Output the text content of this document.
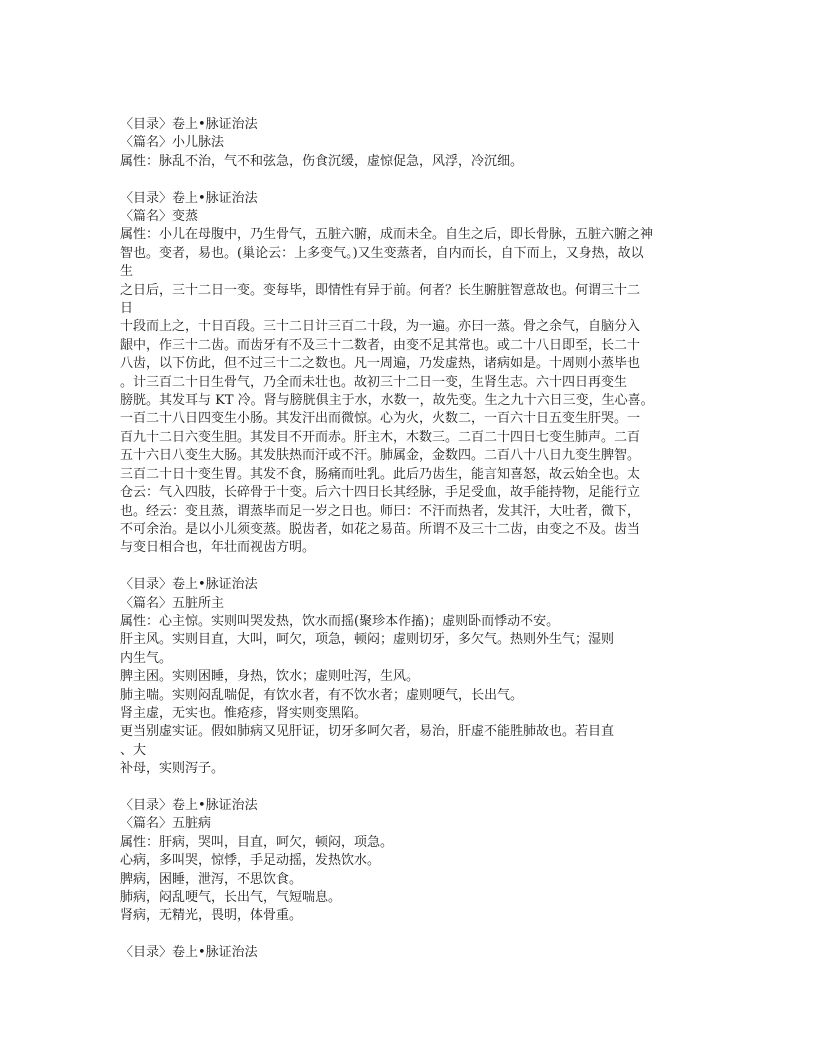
〈目录〉卷上•脉证治法
〈篇名〉小儿脉法
属性：脉乱不治，气不和弦急，伤食沉缓，虚惊促急，风浮，冷沉细。
〈目录〉卷上•脉证治法
〈篇名〉变蒸
属性：小儿在母腹中，乃生骨气，五脏六腑，成而未全。自生之后，即长骨脉，五脏六腑之神
智也。变者，易也。(巢论云：上多变气。)又生变蒸者，自内而长，自下而上，又身热，故以
生
之日后，三十二日一变。变每毕，即情性有异于前。何者？长生腑脏智意故也。何谓三十二
日
十段而上之，十日百段。三十二日计三百二十段，为一遍。亦曰一蒸。骨之余气，自脑分入
龈中，作三十二齿。而齿牙有不及三十二数者，由变不足其常也。或二十八日即至，长二十
八齿，以下仿此，但不过三十二之数也。凡一周遍，乃发虚热，诸病如是。十周则小蒸毕也
。计三百二十日生骨气，乃全而未壮也。故初三十二日一变，生肾生志。六十四日再变生
膀胱。其发耳与 KT 冷。肾与膀胱俱主于水，水数一，故先变。生之九十六日三变，生心喜。
一百二十八日四变生小肠。其发汗出而微惊。心为火，火数二，一百六十日五变生肝哭。一
百九十二日六变生胆。其发目不开而赤。肝主木，木数三。二百二十四日七变生肺声。二百
五十六日八变生大肠。其发肤热而汗或不汗。肺属金，金数四。二百八十八日九变生脾智。
三百二十日十变生胃。其发不食，肠痛而吐乳。此后乃齿生，能言知喜怒，故云始全也。太
仓云：气入四肢，长碎骨于十变。后六十四日长其经脉，手足受血，故手能持物，足能行立
也。经云：变且蒸，谓蒸毕而足一岁之日也。师曰：不汗而热者，发其汗，大吐者，微下，
不可余治。是以小儿须变蒸。脱齿者，如花之易苗。所谓不及三十二齿，由变之不及。齿当
与变日相合也，年壮而视齿方明。
〈目录〉卷上•脉证治法
〈篇名〉五脏所主
属性：心主惊。实则叫哭发热，饮水而摇(聚珍本作搐)；虚则卧而悸动不安。
肝主风。实则目直，大叫，呵欠，项急，顿闷；虚则切牙，多欠气。热则外生气；湿则
内生气。
脾主困。实则困睡，身热，饮水；虚则吐泻，生风。
肺主喘。实则闷乱喘促，有饮水者，有不饮水者；虚则哽气，长出气。
肾主虚，无实也。惟疮疹，肾实则变黑陷。
更当别虚实证。假如肺病又见肝证，切牙多呵欠者，易治，肝虚不能胜肺故也。若目直
、大
补母，实则泻子。
〈目录〉卷上•脉证治法
〈篇名〉五脏病
属性：肝病，哭叫，目直，呵欠，顿闷，项急。
心病，多叫哭，惊悸，手足动摇，发热饮水。
脾病，困睡，泄泻，不思饮食。
肺病，闷乱哽气，长出气，气短喘息。
肾病，无精光，畏明，体骨重。
〈目录〉卷上•脉证治法
